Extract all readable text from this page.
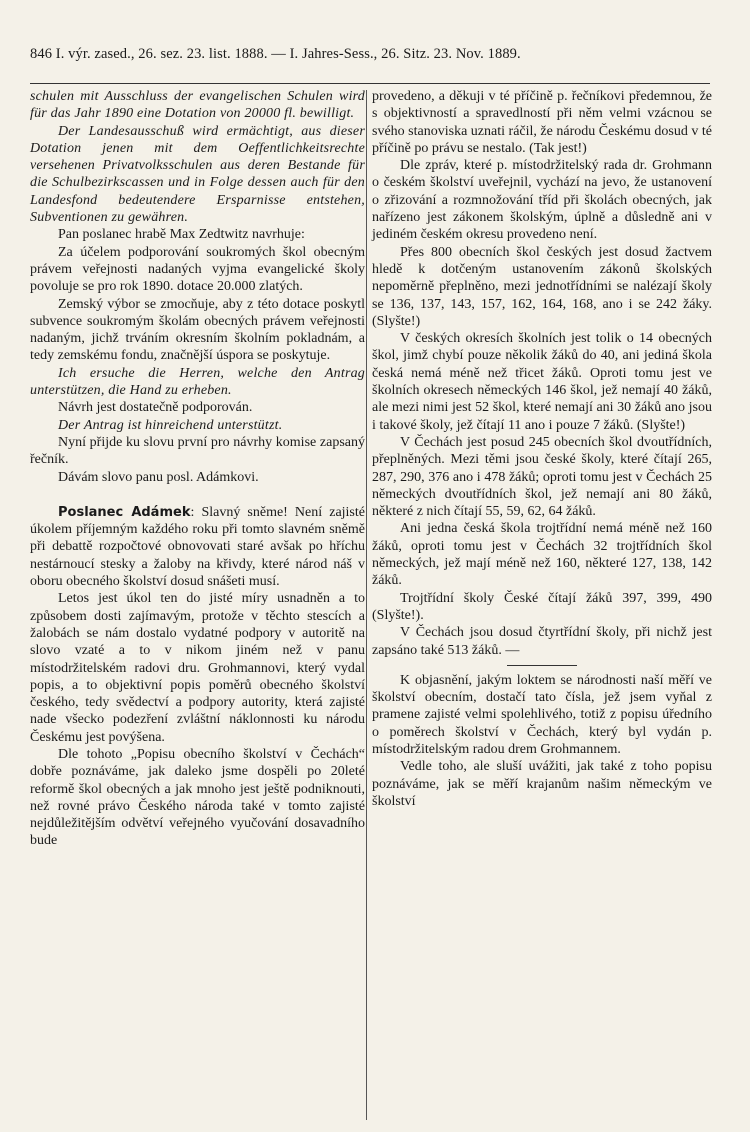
846 I. výr. zased., 26. sez. 23. list. 1888. — I. Jahres-Sess., 26. Sitz. 23. Nov. 1889.

schulen mit Ausschluss der evangelischen Schulen wird für das Jahr 1890 eine Dotation von 20000 fl. bewilligt.

Der Landesausschuß wird ermächtigt, aus dieser Dotation jenen mit dem Oeffentlichkeitsrechte versehenen Privatvolksschulen aus deren Bestande für die Schulbezirkscassen und in Folge dessen auch für den Landesfond bedeutendere Ersparnisse entstehen, Subventionen zu gewähren.

Pan poslanec hrabě Max Zedtwitz navrhuje:

Za účelem podporování soukromých škol obecným právem veřejnosti nadaných vyjma evangelické školy povoluje se pro rok 1890. dotace 20.000 zlatých.

Zemský výbor se zmocňuje, aby z této dotace poskytl subvence soukromým školám obecných právem veřejnosti nadaným, jichž trváním okresním školním pokladnám, a tedy zemskému fondu, značnější úspora se poskytuje.

Ich ersuche die Herren, welche den Antrag unterstützen, die Hand zu erheben.

Návrh jest dostatečně podporován.

Der Antrag ist hinreichend unterstützt.

Nyní přijde ku slovu první pro návrhy komise zapsaný řečník.

Dávám slovo panu posl. Adámkovi.

Poslanec Adámek: Slavný sněme! Není zajisté úkolem příjemným každého roku při tomto slavném sněmě při debattě rozpočtové obnovovati staré avšak po hříchu nestárnoucí stesky a žaloby na křivdy, které národ náš v oboru obecného školství dosud snášeti musí.

Letos jest úkol ten do jisté míry usnadněn a to způsobem dosti zajímavým, protože v těchto stescích a žalobách se nám dostalo vydatné podpory v autoritě na slovo vzaté a to v nikom jiném než v panu místodržitelském radovi dru. Grohmannovi, který vydal popis, a to objektivní popis poměrů obecného školství českého, tedy svědectví a podpory autority, která zajisté nade všecko podezření zvláštní náklonnosti ku národu Českému jest povýšena.

Dle tohoto „Popisu obecního školství v Čechách“ dobře poznáváme, jak daleko jsme dospěli po 20leté reformě škol obecných a jak mnoho jest ještě podniknouti, než rovné právo Českého národa také v tomto zajisté nejdůležitějším odvětví veřejného vyučování dosavadního bude

provedeno, a děkuji v té příčině p. řečníkovi předemnou, že s objektivností a spravedlností při něm velmi vzácnou se svého stanoviska uznati ráčil, že národu Českému dosud v té příčině po právu se nestalo. (Tak jest!)

Dle zpráv, které p. místodržitelský rada dr. Grohmann o českém školství uveřejnil, vychází na jevo, že ustanovení o zřizování a rozmnožování tříd při školách obecných, jak nařízeno jest zákonem školským, úplně a důsledně ani v jediném českém okresu provedeno není.

Přes 800 obecních škol českých jest dosud žactvem hledě k dotčeným ustanovením zákonů školských nepoměrně přeplněno, mezi jednotřídními se nalézají školy se 136, 137, 143, 157, 162, 164, 168, ano i se 242 žáky. (Slyšte!)

V českých okresích školních jest tolik o 14 obecných škol, jimž chybí pouze několik žáků do 40, ani jediná škola česká nemá méně než třicet žáků. Oproti tomu jest ve školních okresech německých 146 škol, jež nemají 40 žáků, ale mezi nimi jest 52 škol, které nemají ani 30 žáků ano jsou i takové školy, jež čítají 11 ano i pouze 7 žáků. (Slyšte!)

V Čechách jest posud 245 obecních škol dvoutřídních, přeplněných. Mezi těmi jsou české školy, které čítají 265, 287, 290, 376 ano i 478 žáků; oproti tomu jest v Čechách 25 německých dvoutřídních škol, jež nemají ani 80 žáků, některé z nich čítají 55, 59, 62, 64 žáků.

Ani jedna česká škola trojtřídní nemá méně než 160 žáků, oproti tomu jest v Čechách 32 trojtřídních škol německých, jež mají méně než 160, některé 127, 138, 142 žáků.

Trojtřídní školy České čítají žáků 397, 399, 490 (Slyšte!).

V Čechách jsou dosud čtyrtřídní školy, při nichž jest zapsáno také 513 žáků. —

K objasnění, jakým loktem se národnosti naší měří ve školství obecním, dostačí tato čísla, jež jsem vyňal z pramene zajisté velmi spolehlivého, totiž z popisu úředního o poměrech školství v Čechách, který byl vydán p. místodržitelským radou drem Grohmannem.

Vedle toho, ale sluší uvážiti, jak také z toho popisu poznáváme, jak se měří krajanům našim německým ve školství
